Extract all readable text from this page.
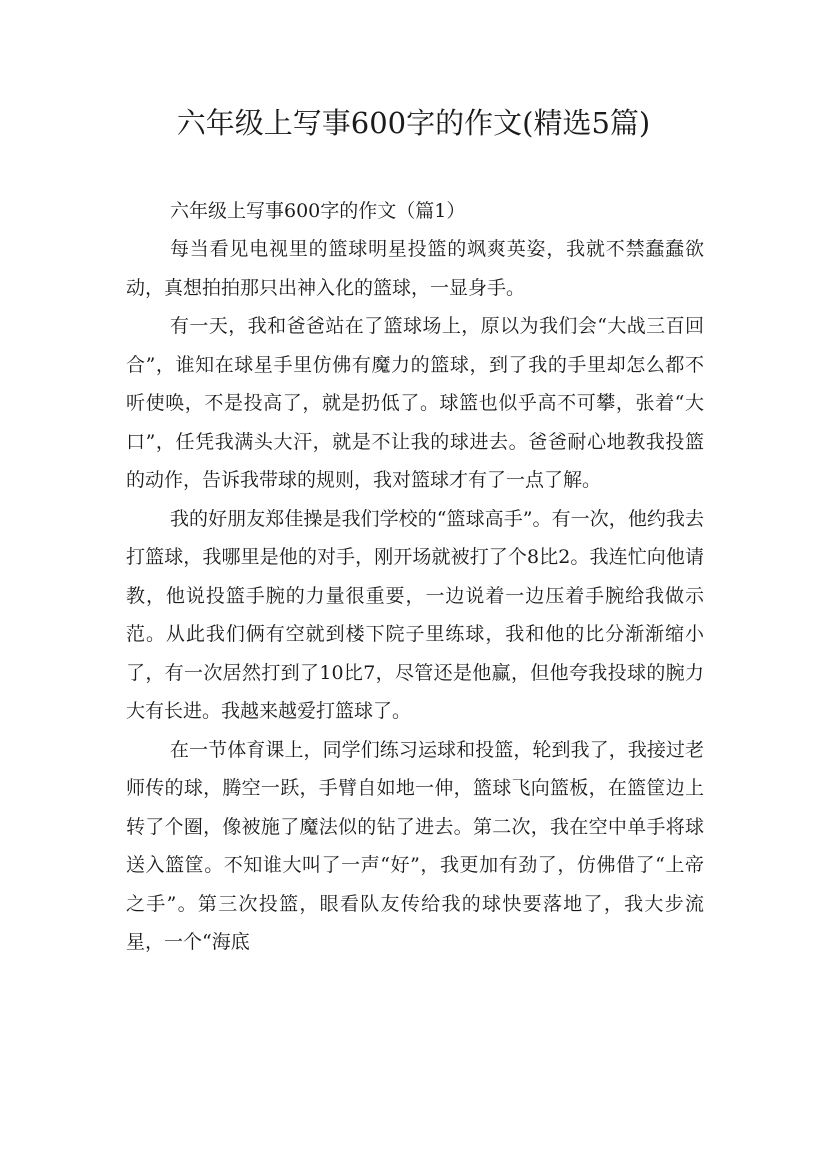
六年级上写事600字的作文(精选5篇)

六年级上写事600字的作文（篇1）

每当看见电视里的篮球明星投篮的飒爽英姿，我就不禁蠢蠢欲动，真想拍拍那只出神入化的篮球，一显身手。

有一天，我和爸爸站在了篮球场上，原以为我们会“大战三百回合”，谁知在球星手里仿佛有魔力的篮球，到了我的手里却怎么都不听使唤，不是投高了，就是扔低了。球篮也似乎高不可攀，张着“大口”，任凭我满头大汗，就是不让我的球进去。爸爸耐心地教我投篮的动作，告诉我带球的规则，我对篮球才有了一点了解。

我的好朋友郑佳操是我们学校的“篮球高手”。有一次，他约我去打篮球，我哪里是他的对手，刚开场就被打了个8比2。我连忙向他请教，他说投篮手腕的力量很重要，一边说着一边压着手腕给我做示范。从此我们俩有空就到楼下院子里练球，我和他的比分渐渐缩小了，有一次居然打到了10比7，尽管还是他赢，但他夸我投球的腕力大有长进。我越来越爱打篮球了。

在一节体育课上，同学们练习运球和投篮，轮到我了，我接过老师传的球，腾空一跃，手臂自如地一伸，篮球飞向篮板，在篮筐边上转了个圈，像被施了魔法似的钻了进去。第二次，我在空中单手将球送入篮筐。不知谁大叫了一声“好”，我更加有劲了，仿佛借了“上帝之手”。第三次投篮，眼看队友传给我的球快要落地了，我大步流星，一个“海底
